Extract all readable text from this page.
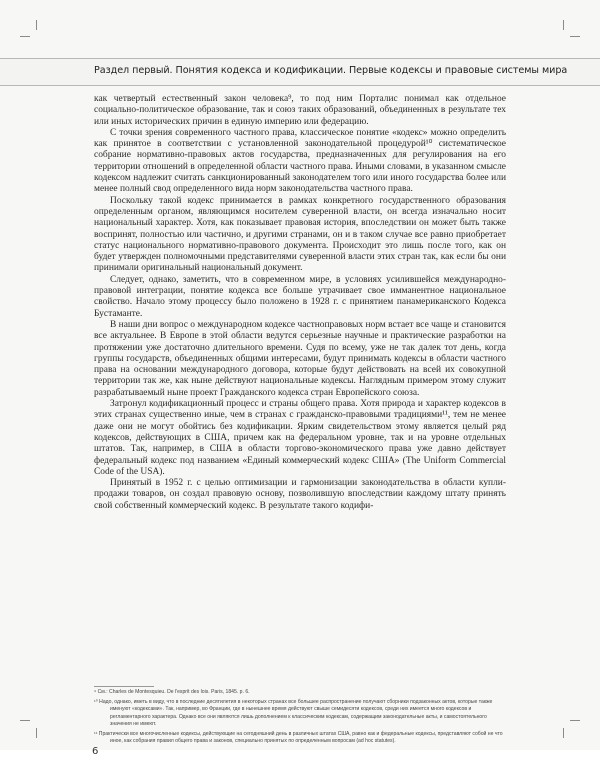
Раздел первый. Понятия кодекса и кодификации. Первые кодексы и правовые системы мира

как четвертый естественный закон человека⁹, то под ним Порталис понимал как отдельное социально-политическое образование, так и союз таких образований, объединенных в результате тех или иных исторических причин в единую империю или федерацию.

С точки зрения современного частного права, классическое понятие «кодекс» можно определить как принятое в соответствии с установленной законодательной процедурой¹⁰ систематическое собрание нормативно-правовых актов государства, предназначенных для регулирования на его территории отношений в определенной области частного права. Иными словами, в указанном смысле кодексом надлежит считать санкционированный законодателем того или иного государства более или менее полный свод определенного вида норм законодательства частного права.

Поскольку такой кодекс принимается в рамках конкретного государственного образования определенным органом, являющимся носителем суверенной власти, он всегда изначально носит национальный характер. Хотя, как показывает правовая история, впоследствии он может быть также воспринят, полностью или частично, и другими странами, он и в таком случае все равно приобретает статус национального нормативно-правового документа. Происходит это лишь после того, как он будет утвержден полномочными представителями суверенной власти этих стран так, как если бы они принимали оригинальный национальный документ.

Следует, однако, заметить, что в современном мире, в условиях усилившейся международно-правовой интеграции, понятие кодекса все больше утрачивает свое имманентное национальное свойство. Начало этому процессу было положено в 1928 г. с принятием панамериканского Кодекса Бустаманте.

В наши дни вопрос о международном кодексе частноправовых норм встает все чаще и становится все актуальнее. В Европе в этой области ведутся серьезные научные и практические разработки на протяжении уже достаточно длительного времени. Судя по всему, уже не так далек тот день, когда группы государств, объединенных общими интересами, будут принимать кодексы в области частного права на основании международного договора, которые будут действовать на всей их совокупной территории так же, как ныне действуют национальные кодексы. Наглядным примером этому служит разрабатываемый ныне проект Гражданского кодекса стран Европейского союза.

Затронул кодификационный процесс и страны общего права. Хотя природа и характер кодексов в этих странах существенно иные, чем в странах с гражданско-правовыми традициями¹¹, тем не менее даже они не могут обойтись без кодификации. Ярким свидетельством этому является целый ряд кодексов, действующих в США, причем как на федеральном уровне, так и на уровне отдельных штатов. Так, например, в США в области торгово-экономического права уже давно действует федеральный кодекс под названием «Единый коммерческий кодекс США» (The Uniform Commercial Code of the USA).

Принятый в 1952 г. с целью оптимизации и гармонизации законодательства в области купли-продажи товаров, он создал правовую основу, позволившую впоследствии каждому штату принять свой собственный коммерческий кодекс. В результате такого кодифи-

⁹ См.: Charles de Montesquieu. De l'esprit des lois. Paris, 1845. p. 6.

¹⁰ Надо, однако, иметь в виду, что в последние десятилетия в некоторых странах все большее распространение получают сборники подзаконных актов, которые также именуют «кодексами». Так, например, во Франции, где в нынешнее время действуют свыше семидесяти кодексов, среди них имеется много кодексов и регламентарного характера. Однако все они являются лишь дополнением к классическим кодексам, содержащим законодательные акты, и самостоятельного значения не имеют.

¹¹ Практически все многочисленные кодексы, действующие на сегодняшний день в различных штатах США, равно как и федеральные кодексы, представляют собой не что иное, как собрания правил общего права и законов, специально принятых по определенным вопросам (ad hoc statutes).

6
